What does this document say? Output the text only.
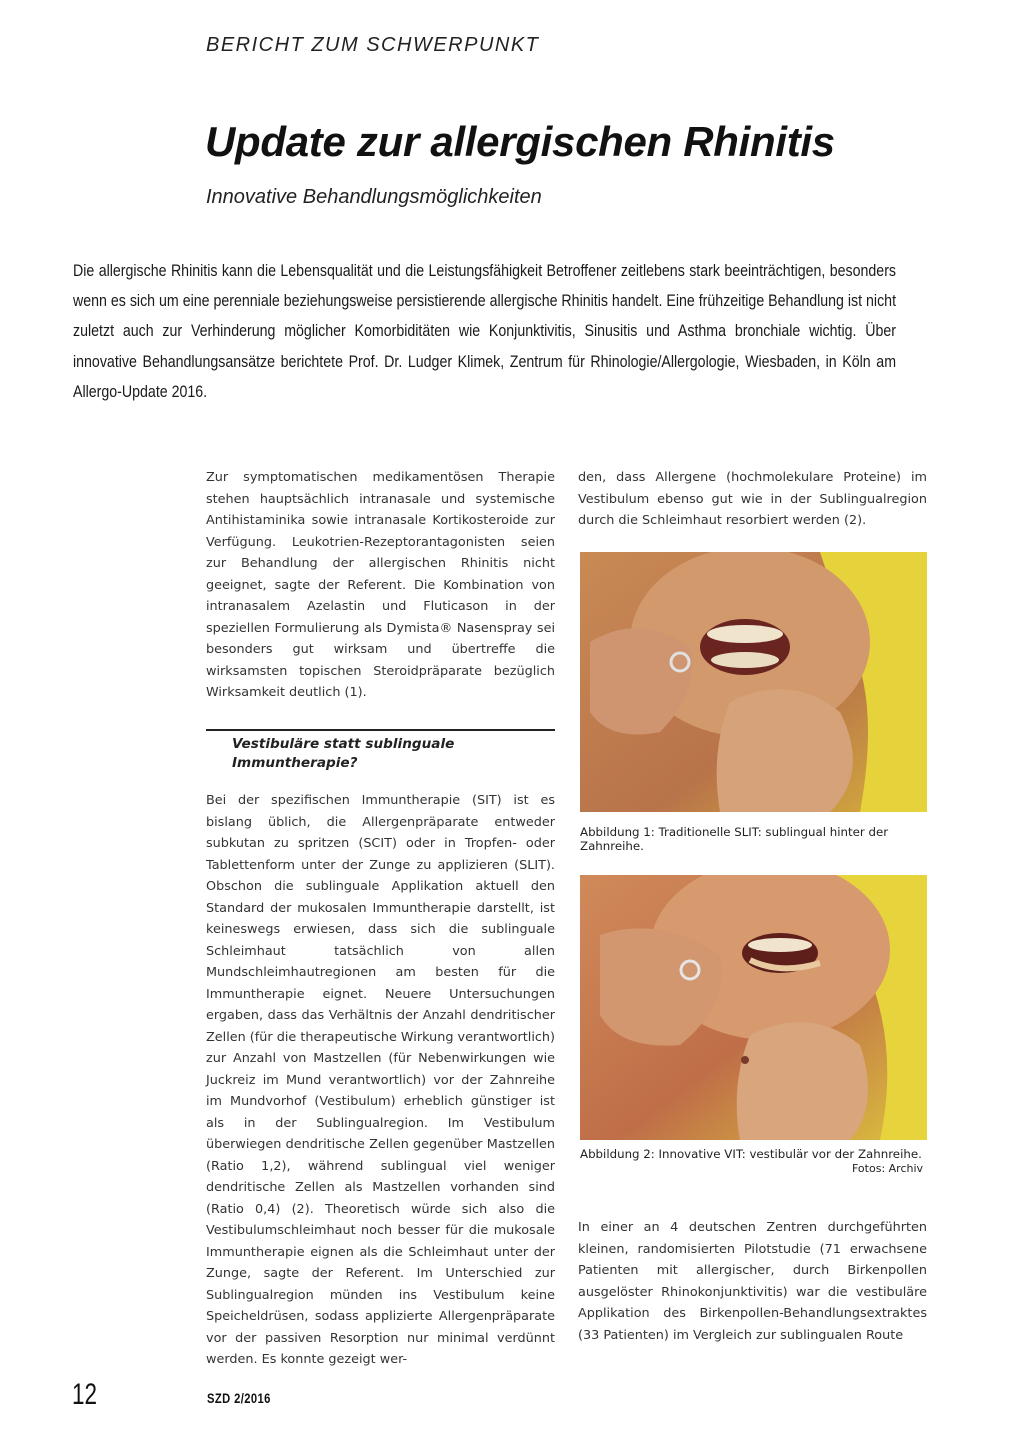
BERICHT ZUM SCHWERPUNKT
Update zur allergischen Rhinitis
Innovative Behandlungsmöglichkeiten

Die allergische Rhinitis kann die Lebensqualität und die Leistungsfähigkeit Betroffener zeitlebens stark beeinträchtigen, besonders wenn es sich um eine perenniale beziehungsweise persistierende allergische Rhinitis handelt. Eine frühzeitige Behandlung ist nicht zuletzt auch zur Verhinderung möglicher Komorbiditäten wie Konjunktivitis, Sinusitis und Asthma bronchiale wichtig. Über innovative Behandlungsansätze berichtete Prof. Dr. Ludger Klimek, Zentrum für Rhinologie/Allergologie, Wiesbaden, in Köln am Allergo-Update 2016.

Zur symptomatischen medikamentösen Therapie stehen hauptsächlich intranasale und systemische Antihistaminika sowie intranasale Kortikosteroide zur Verfügung. Leukotrien-Rezeptorantagonisten seien zur Behandlung der allergischen Rhinitis nicht geeignet, sagte der Referent. Die Kombination von intranasalem Azelastin und Fluticason in der speziellen Formulierung als Dymista® Nasenspray sei besonders gut wirksam und übertreffe die wirksamsten topischen Steroidpräparate bezüglich Wirksamkeit deutlich (1).

Vestibuläre statt sublinguale Immuntherapie?

Bei der spezifischen Immuntherapie (SIT) ist es bislang üblich, die Allergenpräparate entweder subkutan zu spritzen (SCIT) oder in Tropfen- oder Tablettenform unter der Zunge zu applizieren (SLIT). Obschon die sublinguale Applikation aktuell den Standard der mukosalen Immuntherapie darstellt, ist keineswegs erwiesen, dass sich die sublinguale Schleimhaut tatsächlich von allen Mundschleimhautregionen am besten für die Immuntherapie eignet. Neuere Untersuchungen ergaben, dass das Verhältnis der Anzahl dendritischer Zellen (für die therapeutische Wirkung verantwortlich) zur Anzahl von Mastzellen (für Nebenwirkungen wie Juckreiz im Mund verantwortlich) vor der Zahnreihe im Mundvorhof (Vestibulum) erheblich günstiger ist als in der Sublingualregion. Im Vestibulum überwiegen dendritische Zellen gegenüber Mastzellen (Ratio 1,2), während sublingual viel weniger dendritische Zellen als Mastzellen vorhanden sind (Ratio 0,4) (2). Theoretisch würde sich also die Vestibulumschleimhaut noch besser für die mukosale Immuntherapie eignen als die Schleimhaut unter der Zunge, sagte der Referent. Im Unterschied zur Sublingualregion münden ins Vestibulum keine Speicheldrüsen, sodass applizierte Allergenpräparate vor der passiven Resorption nur minimal verdünnt werden. Es konnte gezeigt wer-

den, dass Allergene (hochmolekulare Proteine) im Vestibulum ebenso gut wie in der Sublingualregion durch die Schleimhaut resorbiert werden (2).

Abbildung 1: Traditionelle SLIT: sublingual hinter der Zahnreihe.

Abbildung 2: Innovative VIT: vestibulär vor der Zahnreihe.

Fotos: Archiv

In einer an 4 deutschen Zentren durchgeführten kleinen, randomisierten Pilotstudie (71 erwachsene Patienten mit allergischer, durch Birkenpollen ausgelöster Rhinokonjunktivitis) war die vestibuläre Applikation des Birkenpollen-Behandlungsextraktes (33 Patienten) im Vergleich zur sublingualen Route

12	SZD 2/2016
